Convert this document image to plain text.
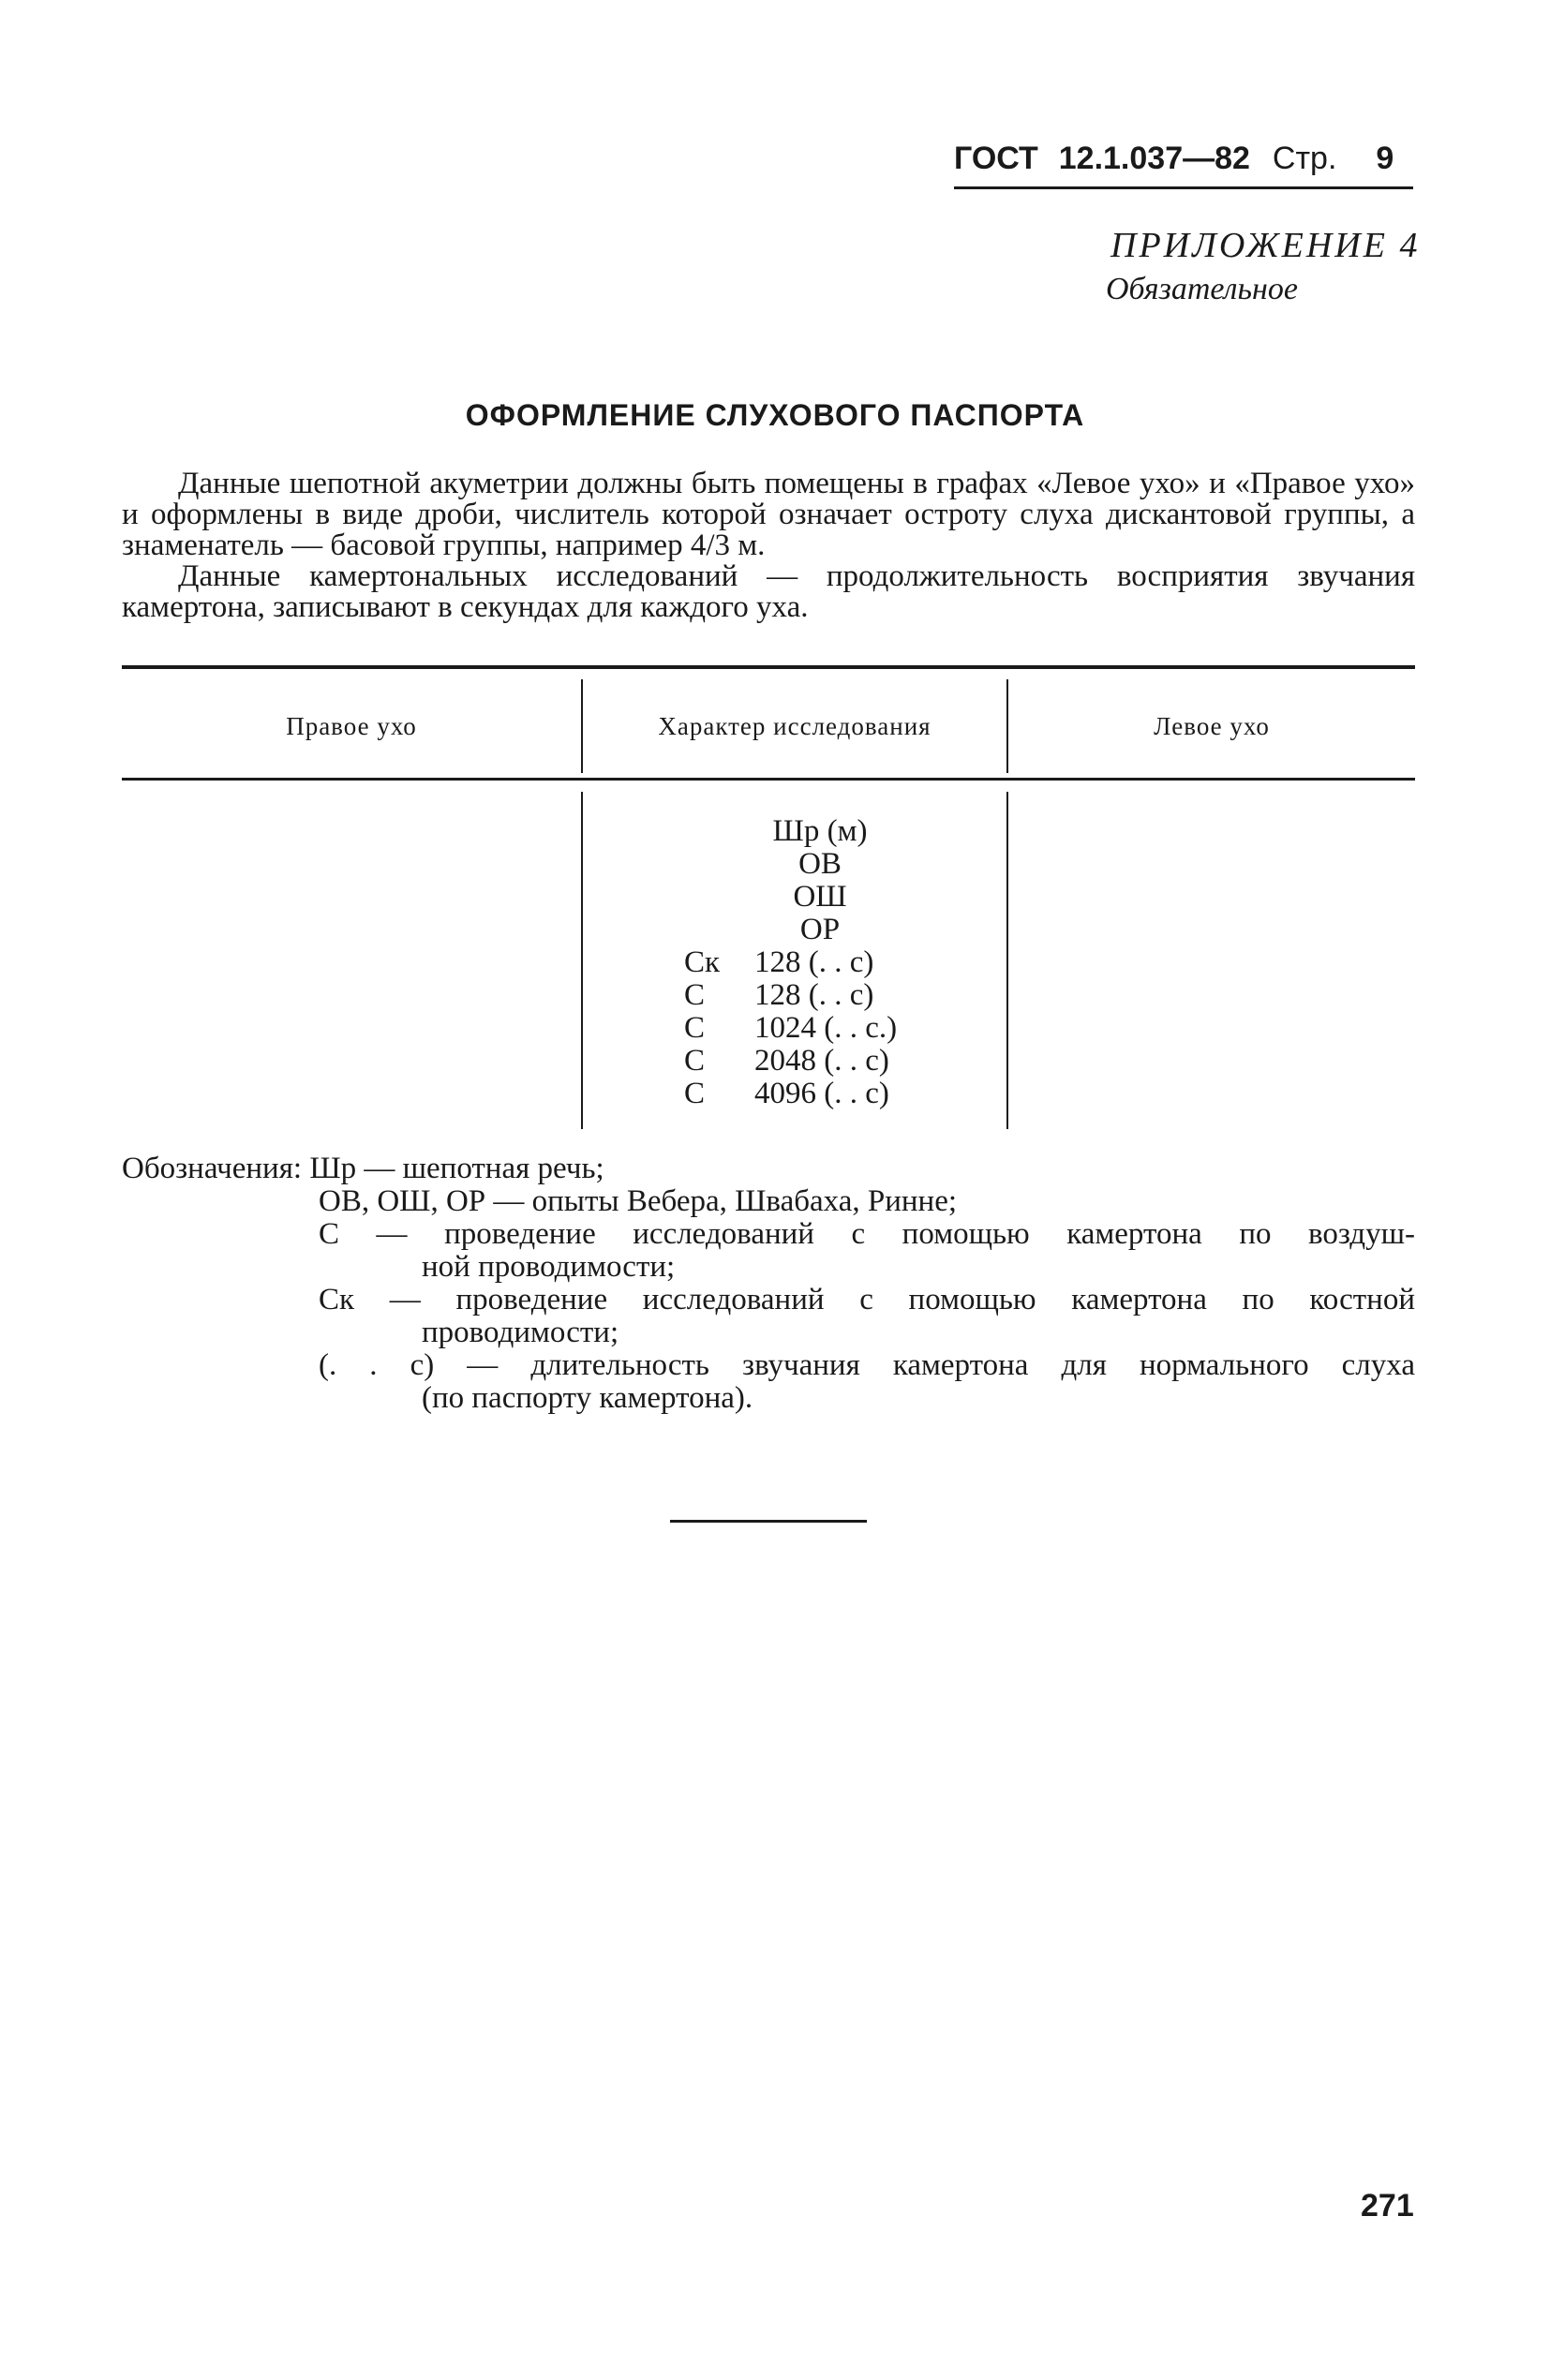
ГОСТ 12.1.037—82 Стр. 9
ПРИЛОЖЕНИЕ 4
Обязательное
ОФОРМЛЕНИЕ СЛУХОВОГО ПАСПОРТА

Данные шепотной акуметрии должны быть помещены в графах «Левое ухо» и «Правое ухо» и оформлены в виде дроби, числитель которой означает остроту слуха дискантовой группы, а знаменатель — басовой группы, например 4/3 м.

Данные камертональных исследований — продолжительность восприятия звучания камертона, записывают в секундах для каждого уха.

Правое ухо	Характер исследования	Левое ухо
Шр (м)
ОВ
ОШ
ОР
Ск 128 (. . с)
С 128 (. . с)
С 1024 (. . с.)
С 2048 (. . с)
С 4096 (. . с)
Обозначения: Шр — шепотная речь;
ОВ, ОШ, ОР — опыты Вебера, Швабаха, Ринне;
С — проведение исследований с помощью камертона по воздуш-
ной проводимости;
Ск — проведение исследований с помощью камертона по костной
проводимости;
(. . с) — длительность звучания камертона для нормального слуха
(по паспорту камертона).
271
